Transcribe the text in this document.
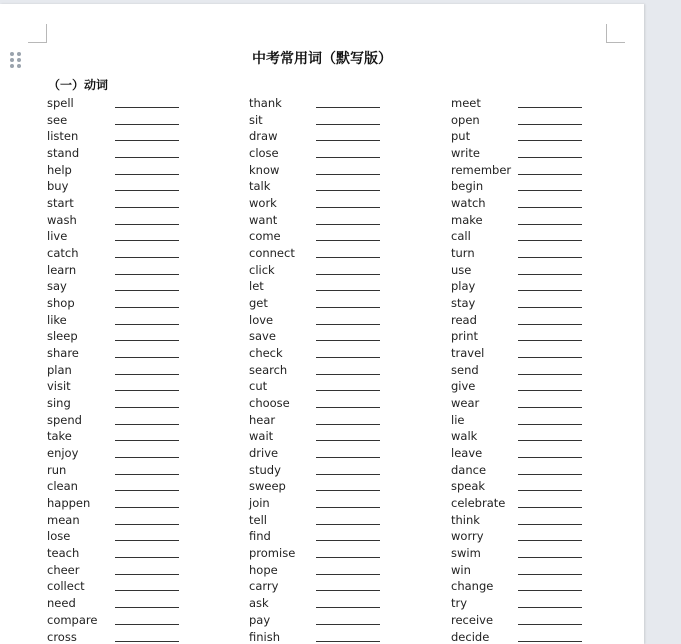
中考常用词（默写版）
（一）动词
spell
see
listen
stand
help
buy
start
wash
live
catch
learn
say
shop
like
sleep
share
plan
visit
sing
spend
take
enjoy
run
clean
happen
mean
lose
teach
cheer
collect
need
compare
cross
thank
sit
draw
close
know
talk
work
want
come
connect
click
let
get
love
save
check
search
cut
choose
hear
wait
drive
study
sweep
join
tell
find
promise
hope
carry
ask
pay
finish
meet
open
put
write
remember
begin
watch
make
call
turn
use
play
stay
read
print
travel
send
give
wear
lie
walk
leave
dance
speak
celebrate
think
worry
swim
win
change
try
receive
decide
